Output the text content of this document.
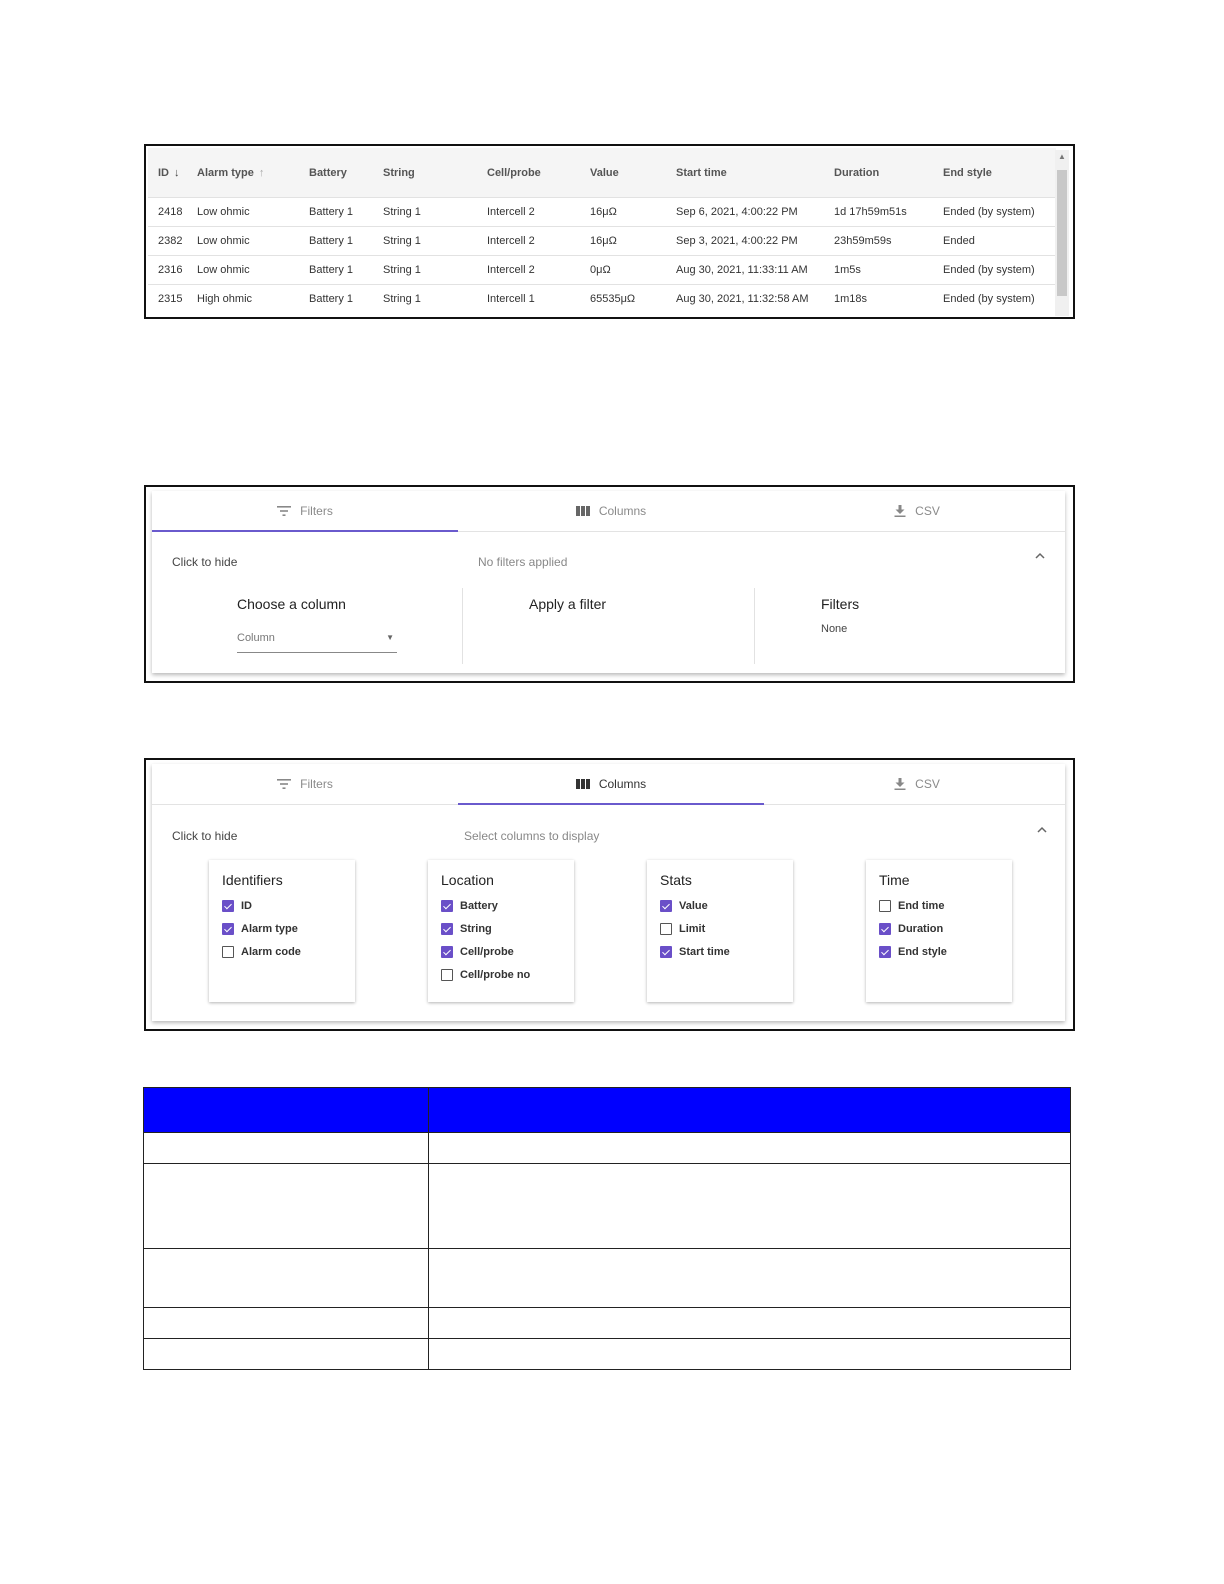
ID ↓	Alarm type ↑	Battery	String	Cell/probe	Value	Start time	Duration	End style
2418	Low ohmic	Battery 1	String 1	Intercell 2	16μΩ	Sep 6, 2021, 4:00:22 PM	1d 17h59m51s	Ended (by system)
2382	Low ohmic	Battery 1	String 1	Intercell 2	16μΩ	Sep 3, 2021, 4:00:22 PM	23h59m59s	Ended
2316	Low ohmic	Battery 1	String 1	Intercell 2	0μΩ	Aug 30, 2021, 11:33:11 AM	1m5s	Ended (by system)
2315	High ohmic	Battery 1	String 1	Intercell 1	65535μΩ	Aug 30, 2021, 11:32:58 AM	1m18s	Ended (by system)
▲
Filters	Columns	CSV
Click to hide	No filters applied
Choose a column
Column	▼
Apply a filter	Filters
None
Filters	Columns	CSV
Click to hide	Select columns to display
Identifiers
ID
Alarm type
Alarm code
Location
Battery
String
Cell/probe
Cell/probe no
Stats
Value
Limit
Start time
Time
End time
Duration
End style
